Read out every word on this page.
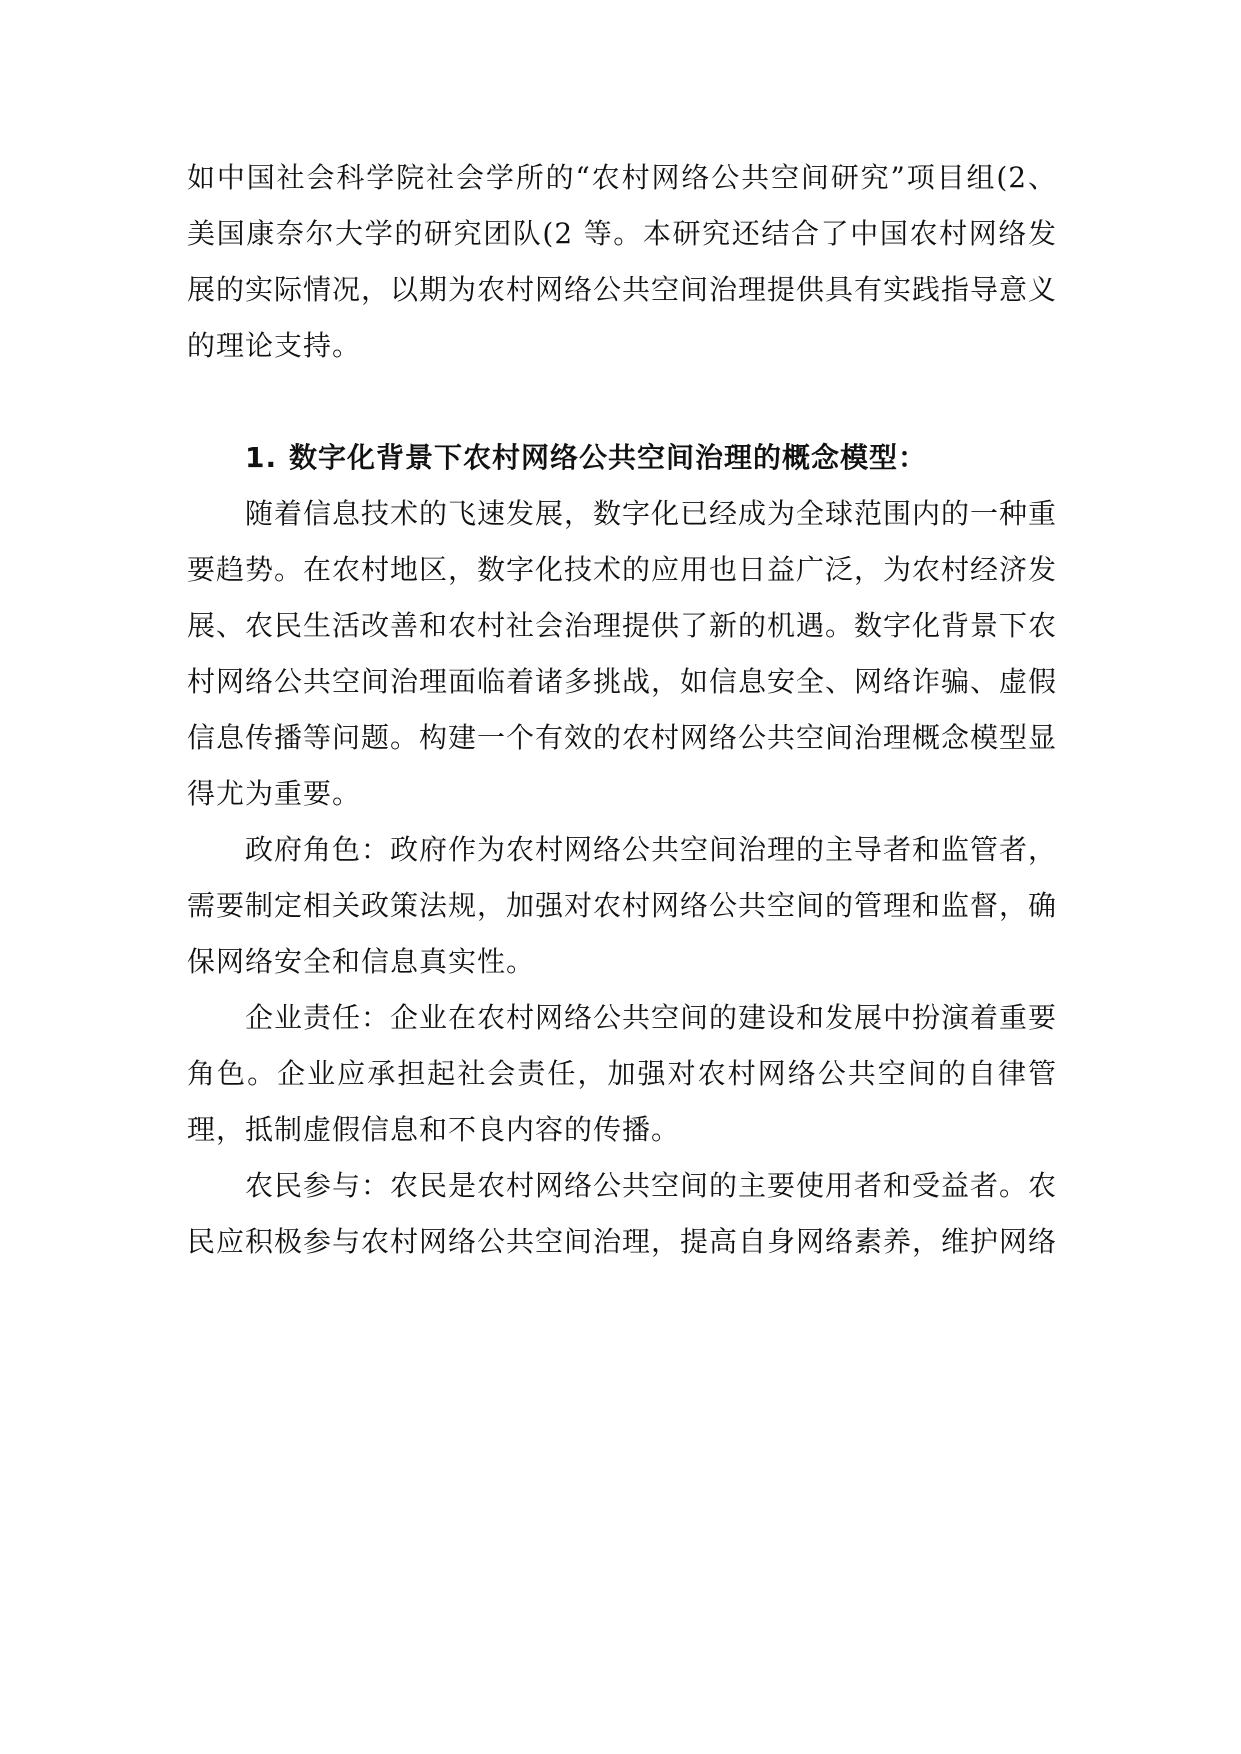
如中国社会科学院社会学所的“农村网络公共空间研究”项目组(2、美国康奈尔大学的研究团队(2 等。本研究还结合了中国农村网络发展的实际情况，以期为农村网络公共空间治理提供具有实践指导意义的理论支持。

1. 数字化背景下农村网络公共空间治理的概念模型：

随着信息技术的飞速发展，数字化已经成为全球范围内的一种重要趋势。在农村地区，数字化技术的应用也日益广泛，为农村经济发展、农民生活改善和农村社会治理提供了新的机遇。数字化背景下农村网络公共空间治理面临着诸多挑战，如信息安全、网络诈骗、虚假信息传播等问题。构建一个有效的农村网络公共空间治理概念模型显得尤为重要。

政府角色：政府作为农村网络公共空间治理的主导者和监管者，需要制定相关政策法规，加强对农村网络公共空间的管理和监督，确保网络安全和信息真实性。

企业责任：企业在农村网络公共空间的建设和发展中扮演着重要角色。企业应承担起社会责任，加强对农村网络公共空间的自律管理，抵制虚假信息和不良内容的传播。

农民参与：农民是农村网络公共空间的主要使用者和受益者。农民应积极参与农村网络公共空间治理，提高自身网络素养，维护网络
